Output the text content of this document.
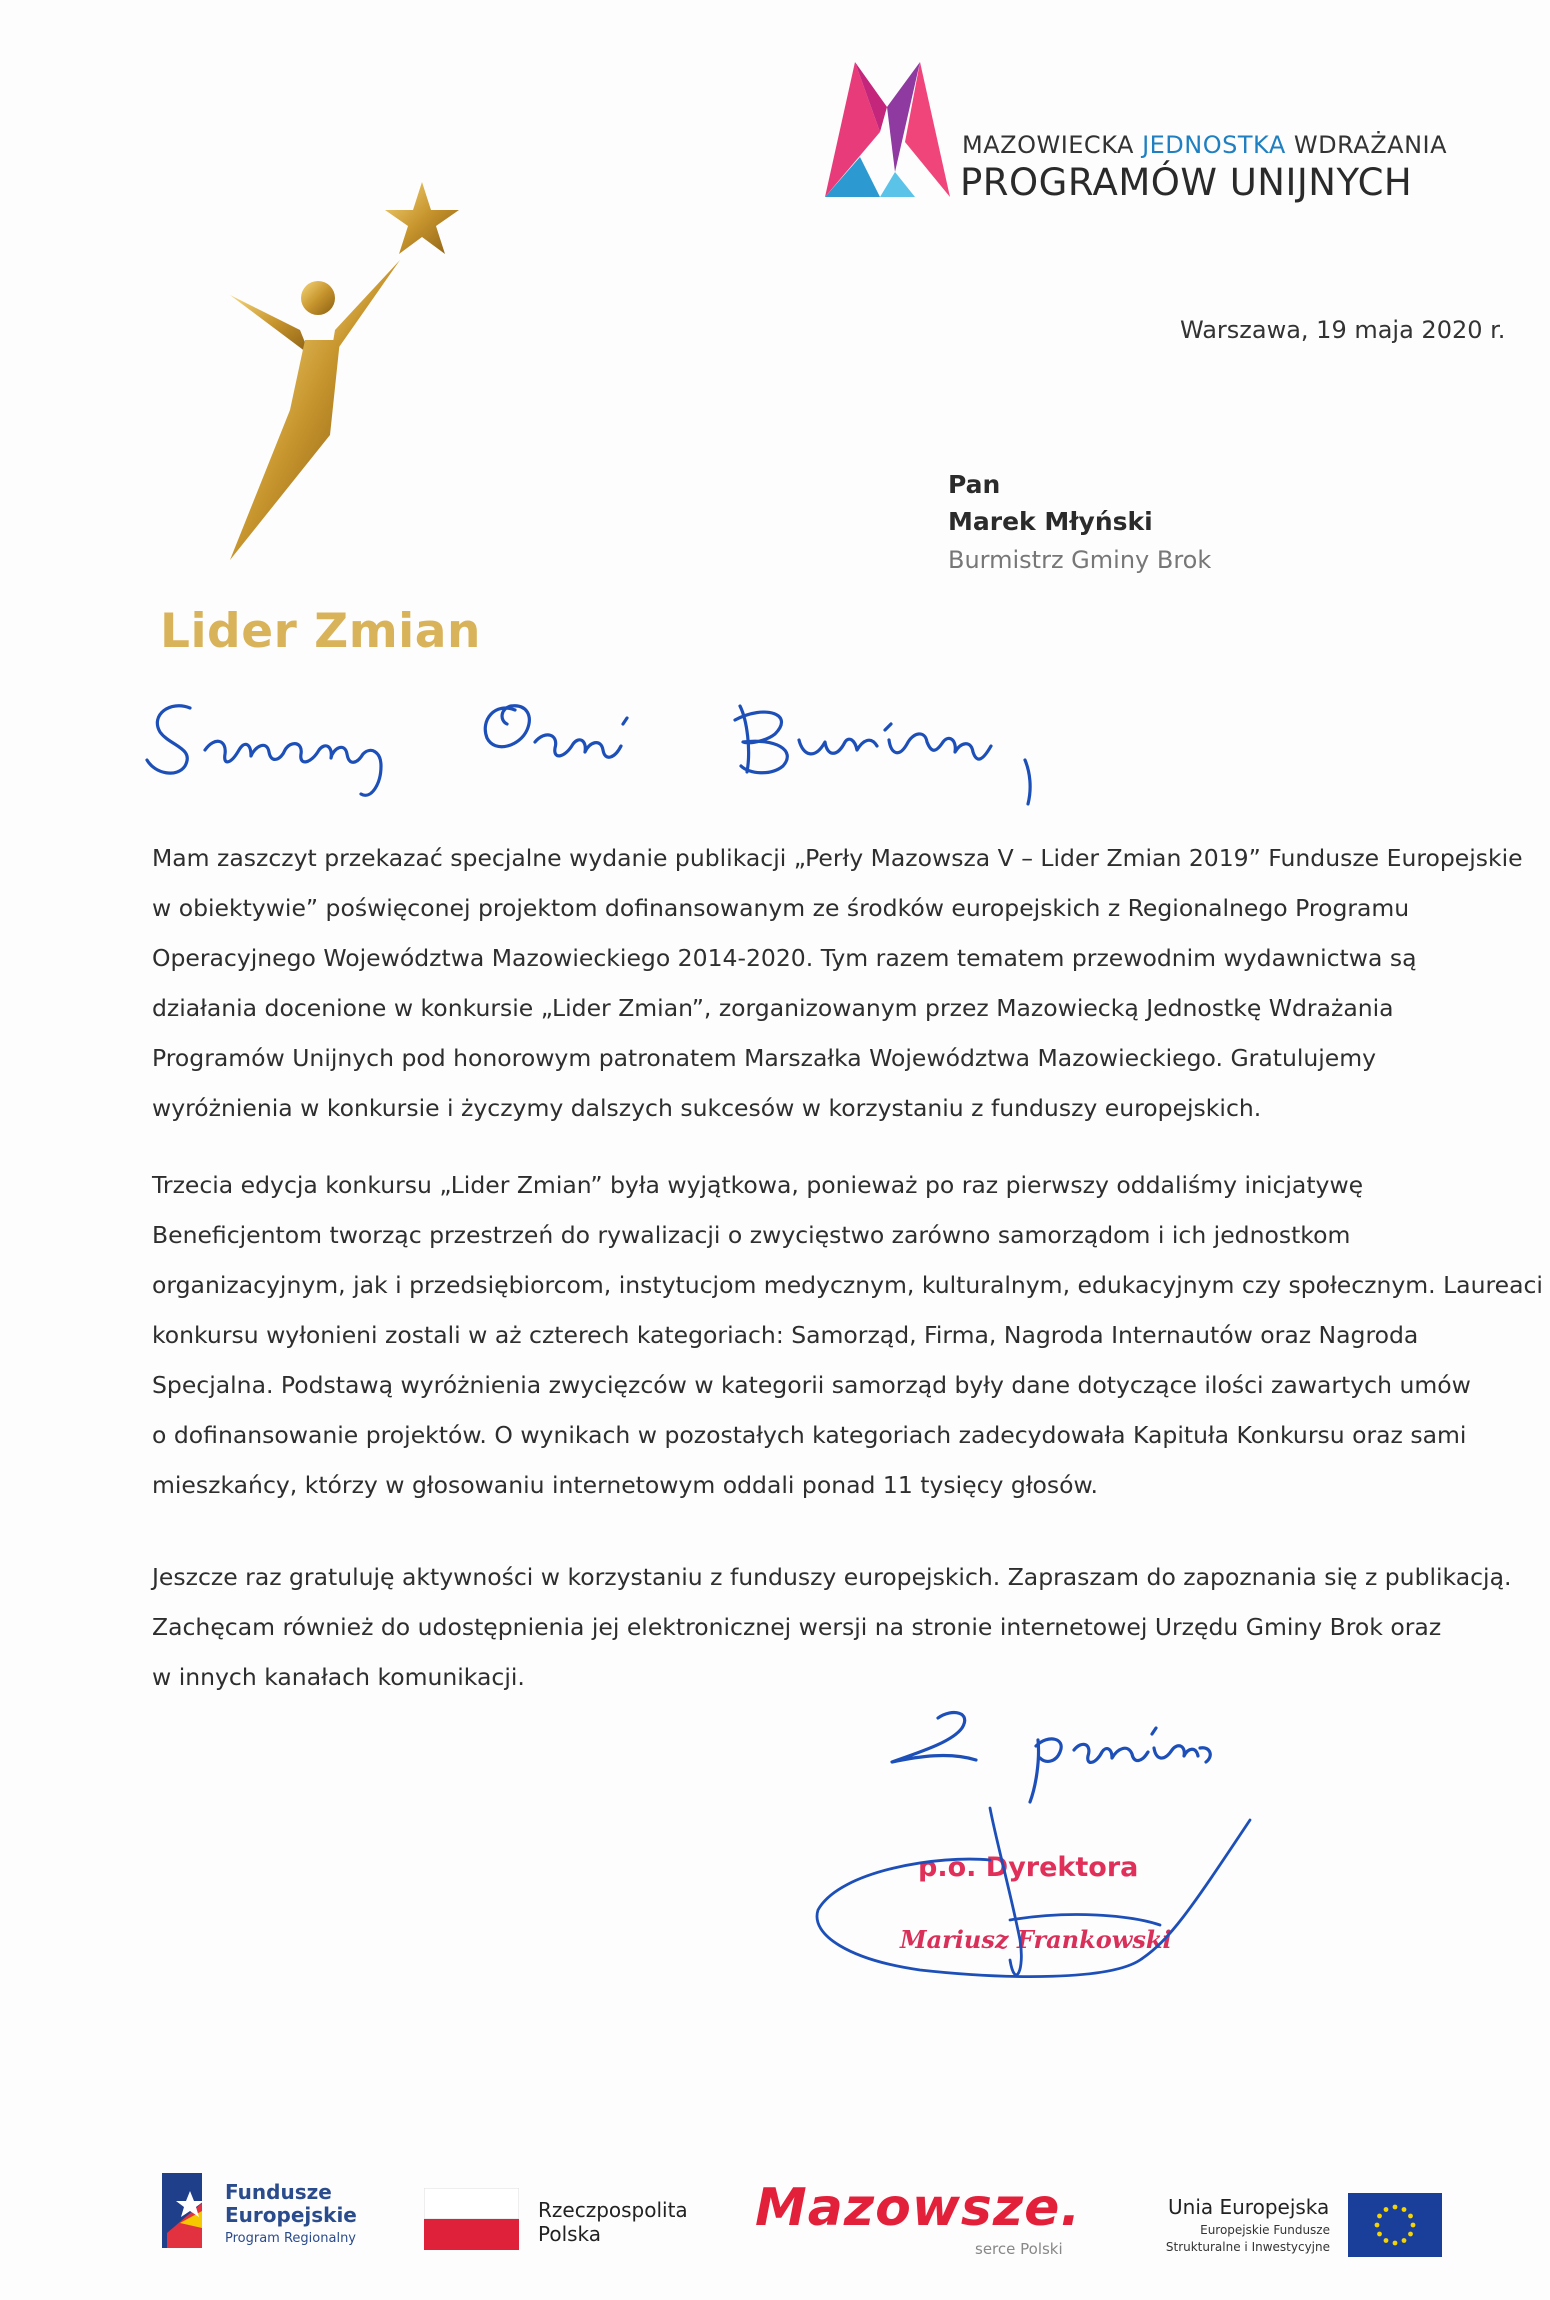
MAZOWIECKA JEDNOSTKA WDRAŻANIA
PROGRAMÓW UNIJNYCH
Warszawa, 19 maja 2020 r.
Pan
Marek Młyński
Burmistrz Gminy Brok
Lider Zmian
Mam zaszczyt przekazać specjalne wydanie publikacji „Perły Mazowsza V – Lider Zmian 2019” Fundusze Europejskie
w obiektywie” poświęconej projektom dofinansowanym ze środków europejskich z Regionalnego Programu
Operacyjnego Województwa Mazowieckiego 2014-2020. Tym razem tematem przewodnim wydawnictwa są
działania docenione w konkursie „Lider Zmian”, zorganizowanym przez Mazowiecką Jednostkę Wdrażania
Programów Unijnych pod honorowym patronatem Marszałka Województwa Mazowieckiego. Gratulujemy
wyróżnienia w konkursie i życzymy dalszych sukcesów w korzystaniu z funduszy europejskich.
Trzecia edycja konkursu „Lider Zmian” była wyjątkowa, ponieważ po raz pierwszy oddaliśmy inicjatywę
Beneficjentom tworząc przestrzeń do rywalizacji o zwycięstwo zarówno samorządom i ich jednostkom
organizacyjnym, jak i przedsiębiorcom, instytucjom medycznym, kulturalnym, edukacyjnym czy społecznym. Laureaci
konkursu wyłonieni zostali w aż czterech kategoriach: Samorząd, Firma, Nagroda Internautów oraz Nagroda
Specjalna. Podstawą wyróżnienia zwycięzców w kategorii samorząd były dane dotyczące ilości zawartych umów
o dofinansowanie projektów. O wynikach w pozostałych kategoriach zadecydowała Kapituła Konkursu oraz sami
mieszkańcy, którzy w głosowaniu internetowym oddali ponad 11 tysięcy głosów.
Jeszcze raz gratuluję aktywności w korzystaniu z funduszy europejskich. Zapraszam do zapoznania się z publikacją.
Zachęcam również do udostępnienia jej elektronicznej wersji na stronie internetowej Urzędu Gminy Brok oraz
w innych kanałach komunikacji.
p.o. Dyrektora
Mariusz Frankowski
Fundusze
Europejskie
Program Regionalny
Rzeczpospolita
Polska	Mazowsze.
serce Polski
Unia Europejska
Europejskie Fundusze
Strukturalne i Inwestycyjne
